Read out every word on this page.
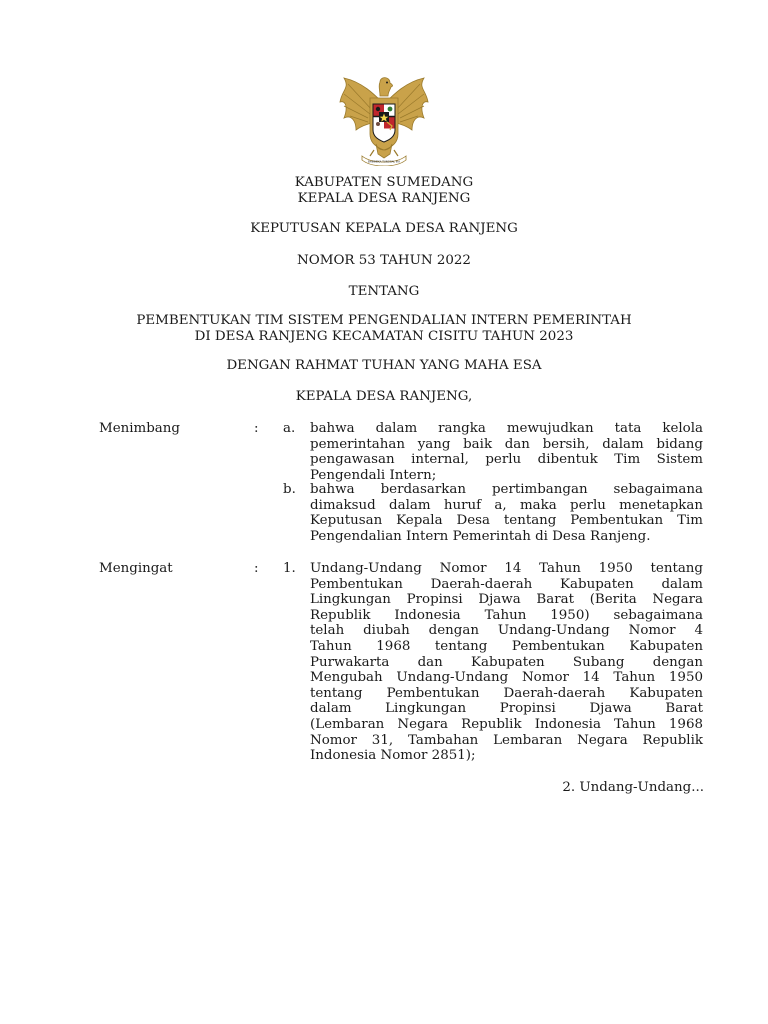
BHINNEKA TUNGGAL IKA
KABUPATEN SUMEDANG
KEPALA DESA RANJENG
KEPUTUSAN KEPALA DESA RANJENG
NOMOR 53 TAHUN 2022
TENTANG
PEMBENTUKAN TIM SISTEM PENGENDALIAN INTERN PEMERINTAH
DI DESA RANJENG KECAMATAN CISITU TAHUN 2023
DENGAN RAHMAT TUHAN YANG MAHA ESA
KEPALA DESA RANJENG,
Menimbang	: a. bahwa dalam rangka mewujudkan tata kelola
pemerintahan yang baik dan bersih, dalam bidang
pengawasan internal, perlu dibentuk Tim Sistem
Pengendali Intern;
b. bahwa berdasarkan pertimbangan sebagaimana
dimaksud dalam huruf a, maka perlu menetapkan
Keputusan Kepala Desa tentang Pembentukan Tim
Pengendalian Intern Pemerintah di Desa Ranjeng.
Mengingat	: 1. Undang-Undang Nomor 14 Tahun 1950 tentang
Pembentukan Daerah-daerah Kabupaten dalam
Lingkungan Propinsi Djawa Barat (Berita Negara
Republik Indonesia Tahun 1950) sebagaimana
telah diubah dengan Undang-Undang Nomor 4
Tahun 1968 tentang Pembentukan Kabupaten
Purwakarta dan Kabupaten Subang dengan
Mengubah Undang-Undang Nomor 14 Tahun 1950
tentang Pembentukan Daerah-daerah Kabupaten
dalam Lingkungan Propinsi Djawa Barat
(Lembaran Negara Republik Indonesia Tahun 1968
Nomor 31, Tambahan Lembaran Negara Republik
Indonesia Nomor 2851);
2. Undang-Undang...
